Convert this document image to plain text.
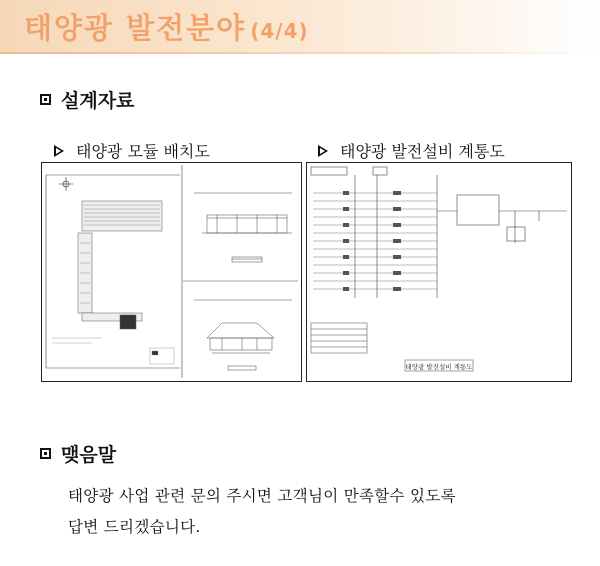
태양광 발전분야 (4/4)
설계자료
태양광 모듈 배치도	태양광 발전설비 계통도
태양광 발전설비 계통도
맺음말
태양광 사업 관련 문의 주시면 고객님이 만족할수 있도록
답변 드리겠습니다.
